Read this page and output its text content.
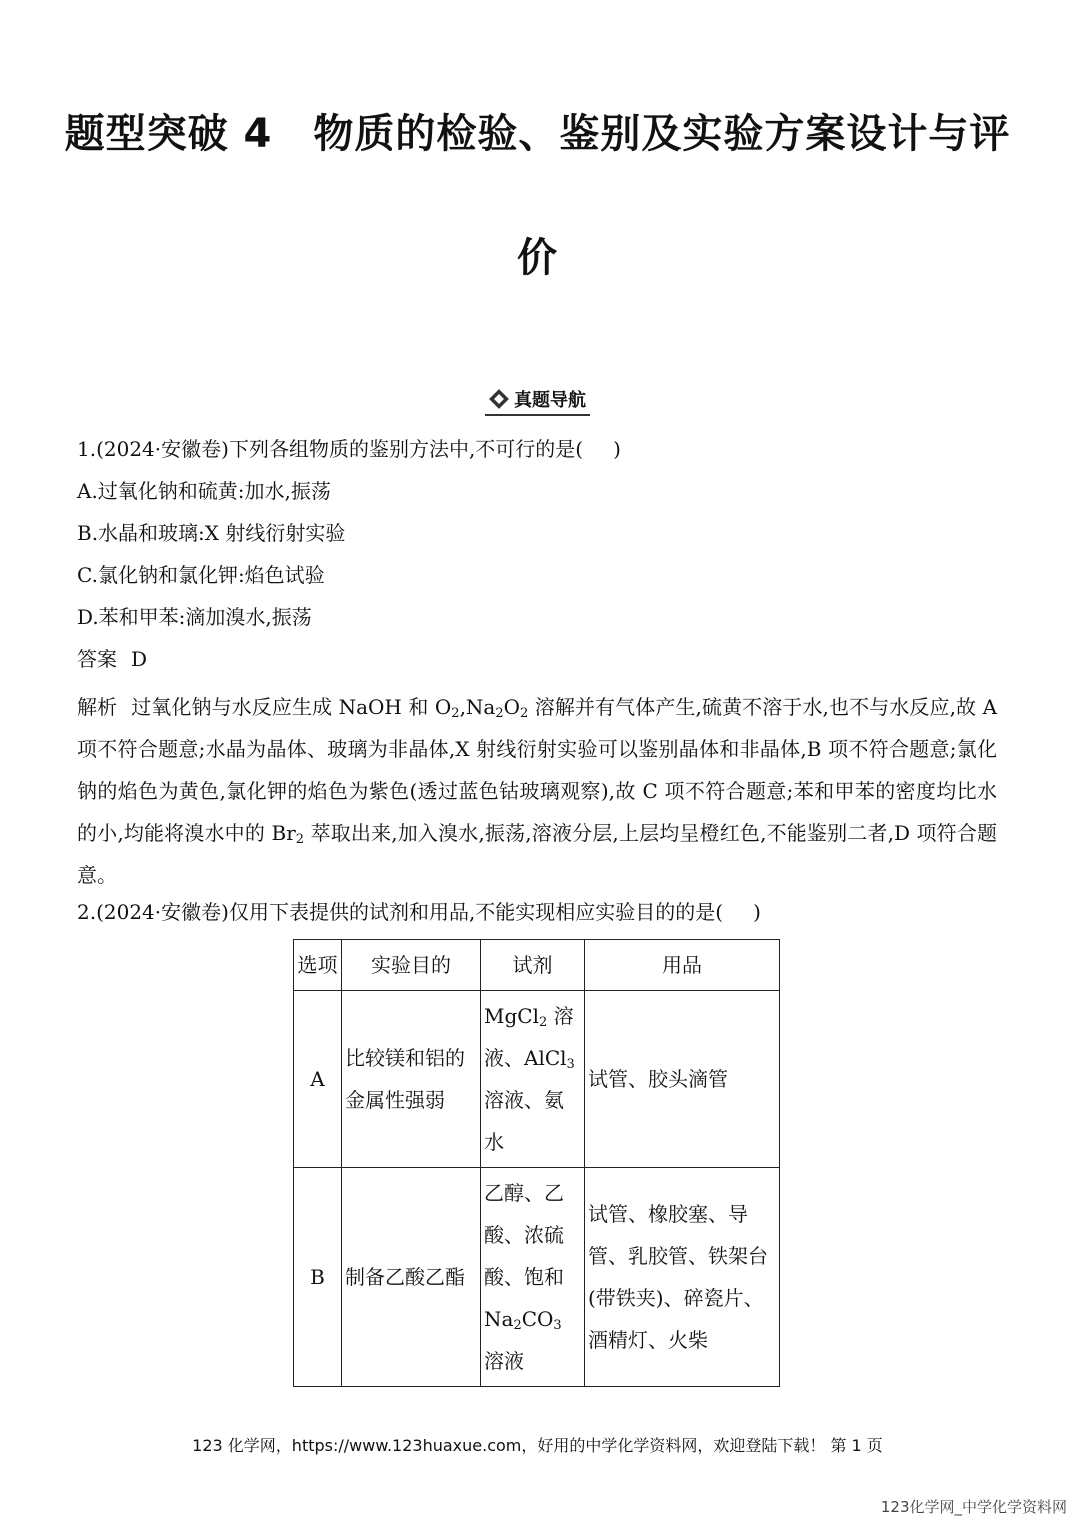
题型突破 4　物质的检验、鉴别及实验方案设计与评
价
真题导航
1.(2024·安徽卷)下列各组物质的鉴别方法中,不可行的是( )
A.过氧化钠和硫黄:加水,振荡
B.水晶和玻璃:X 射线衍射实验
C.氯化钠和氯化钾:焰色试验
D.苯和甲苯:滴加溴水,振荡
答案 D
解析 过氧化钠与水反应生成 NaOH 和 $O_2,Na_2O_2$ 溶解并有气体产生,硫黄不溶于水,也不与水反应,故 A 项不符合题意;水晶为晶体、玻璃为非晶体,X 射线衍射实验可以鉴别晶体和非晶体,B 项不符合题意;氯化钠的焰色为黄色,氯化钾的焰色为紫色(透过蓝色钴玻璃观察),故 C 项不符合题意;苯和甲苯的密度均比水的小,均能将溴水中的 $Br_2$ 萃取出来,加入溴水,振荡,溶液分层,上层均呈橙红色,不能鉴别二者,D 项符合题意。
2.(2024·安徽卷)仅用下表提供的试剂和用品,不能实现相应实验目的的是( )
选项	实验目的	试剂	用品
A	比较镁和铝的金属性强弱	MgCl$_2$ 溶液、AlCl$_3$ 溶液、氨水	试管、胶头滴管
B	制备乙酸乙酯	乙醇、乙酸、浓硫酸、饱和 $Na_2CO_3$ 溶液	试管、橡胶塞、导管、乳胶管、铁架台(带铁夹)、碎瓷片、酒精灯、火柴
123 化学网，https://www.123huaxue.com，好用的中学化学资料网，欢迎登陆下载！ 第 1 页
123化学网_中学化学资料网
